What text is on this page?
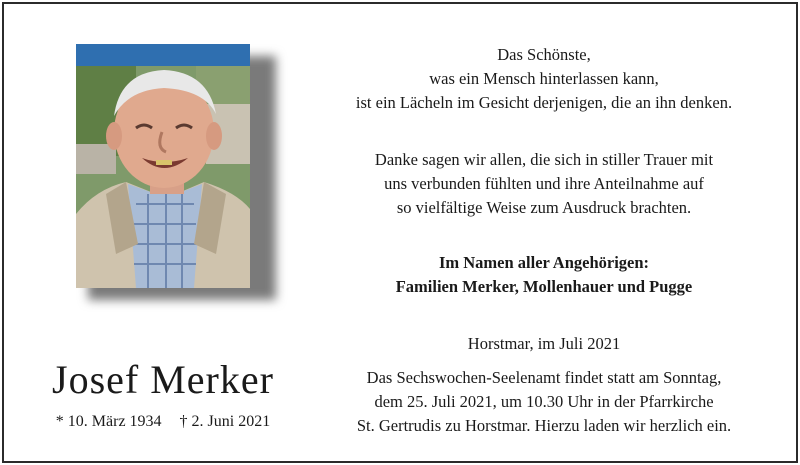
Das Schönste,
was ein Mensch hinterlassen kann,
ist ein Lächeln im Gesicht derjenigen, die an ihn denken.
Danke sagen wir allen, die sich in stiller Trauer mit
uns verbunden fühlten und ihre Anteilnahme auf
so vielfältige Weise zum Ausdruck brachten.
Im Namen aller Angehörigen:
Familien Merker, Mollenhauer und Pugge
Horstmar, im Juli 2021
Das Sechswochen-Seelenamt findet statt am Sonntag,
dem 25. Juli 2021, um 10.30 Uhr in der Pfarrkirche
St. Gertrudis zu Horstmar. Hierzu laden wir herzlich ein.
Josef Merker
* 10. März 1934 † 2. Juni 2021
